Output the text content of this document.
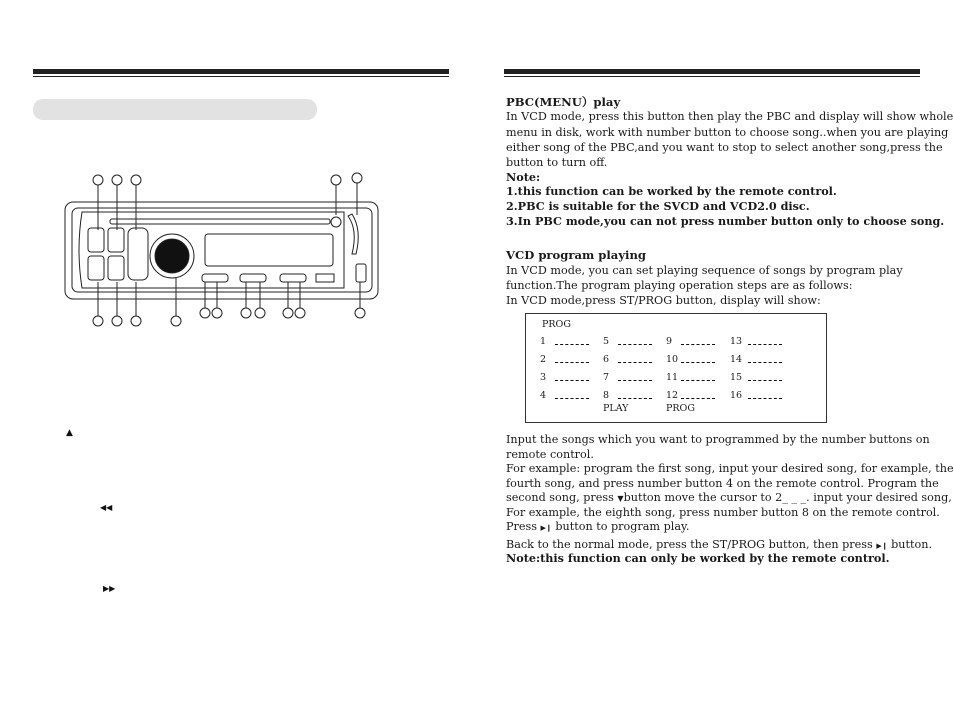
▲
◀◀
▶▶
PBC(MENU）play
In VCD mode, press this button then play the PBC and display will show whole
menu in disk, work with number button to choose song..when you are playing
either song of the PBC,and you want to stop to select another song,press the
button to turn off.
Note:
1.this function can be worked by the remote control.
2.PBC is suitable for the SVCD and VCD2.0 disc.
3.In PBC mode,you can not press number button only to choose song.
VCD program playing
In VCD mode, you can set playing sequence of songs by program play
function.The program playing operation steps are as follows:
In VCD mode,press ST/PROG button, display will show:
PROG
1
2
3
4
5
6
7
8
9
10
11
12
13
14
15
16
PLAY	PROG
Input the songs which you want to programmed by the number buttons on
remote control.
For example: program the first song, input your desired song, for example, the
fourth song, and press number button 4 on the remote control. Program the
second song, press ▼button move the cursor to 2_ _ _. input your desired song,
For example, the eighth song, press number button 8 on the remote control.
Press ▶❙ button to program play.
Back to the normal mode, press the ST/PROG button, then press ▶❙ button.
Note:this function can only be worked by the remote control.
